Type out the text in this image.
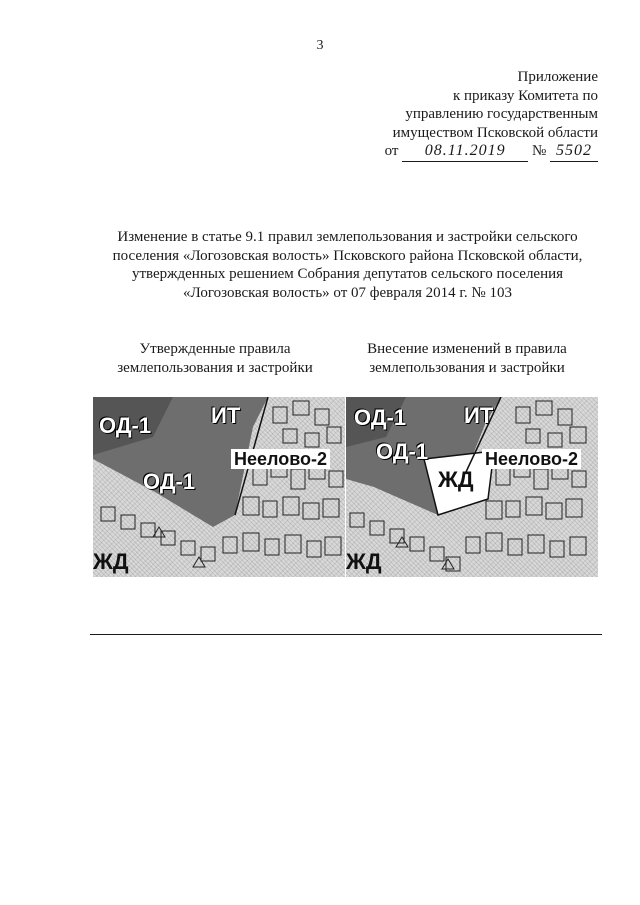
3
Приложение
к приказу Комитета по
управлению государственным
имуществом Псковской области
от 08.11.2019 № 5502
Изменение в статье 9.1 правил землепользования и застройки сельского
поселения «Логозовская волость» Псковского района Псковской области,
утвержденных решением Собрания депутатов сельского поселения
«Логозовская волость» от 07 февраля 2014 г. № 103
Утвержденные правила
землепользования и застройки
Внесение изменений в правила
землепользования и застройки
ОД-1	ИТ
ОД-1
Неелово-2
ЖД
ОД-1	ИТ
ОД-1	Неелово-2
ЖД
ЖД
